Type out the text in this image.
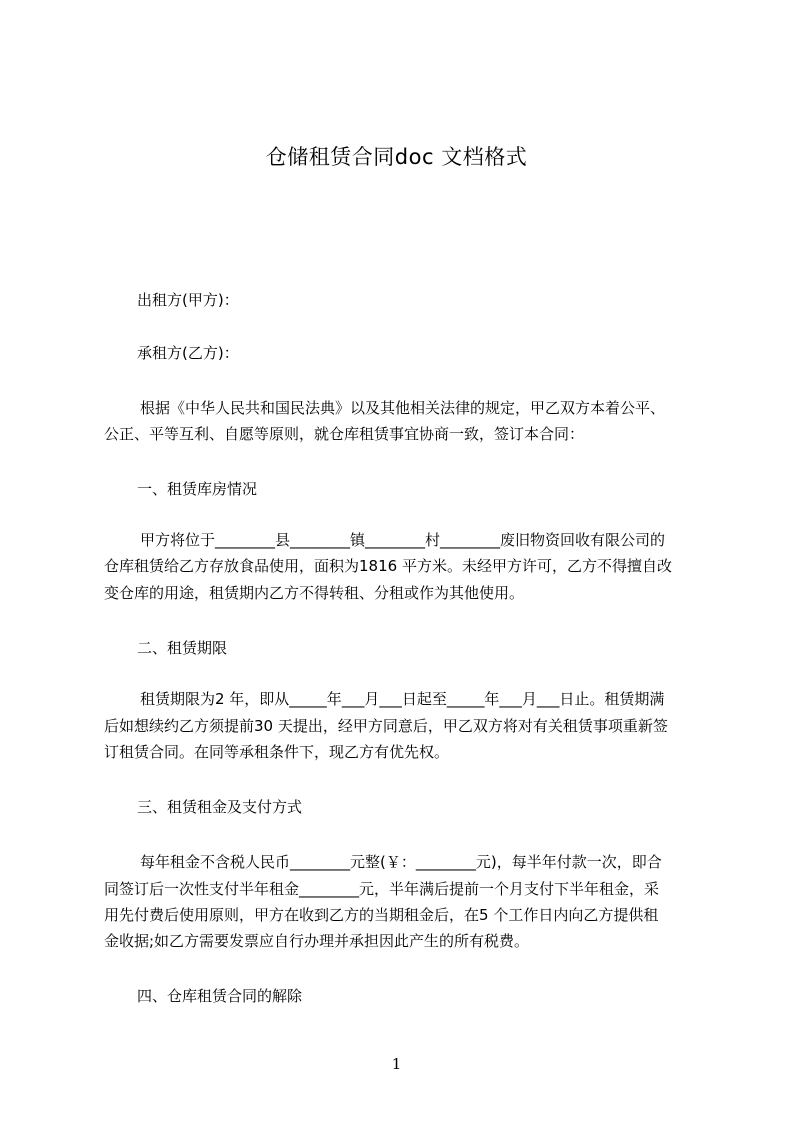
仓储租赁合同doc 文档格式
出租方(甲方)：
承租方(乙方)：
根据《中华人民共和国民法典》以及其他相关法律的规定，甲乙双方本着公平、
公正、平等互利、自愿等原则，就仓库租赁事宜协商一致，签订本合同：
一、租赁库房情况
甲方将位于________县________镇________村________废旧物资回收有限公司的
仓库租赁给乙方存放食品使用，面积为1816 平方米。未经甲方许可，乙方不得擅自改
变仓库的用途，租赁期内乙方不得转租、分租或作为其他使用。
二、租赁期限
租赁期限为2 年，即从_____年___月___日起至_____年___月___日止。租赁期满
后如想续约乙方须提前30 天提出，经甲方同意后，甲乙双方将对有关租赁事项重新签
订租赁合同。在同等承租条件下，现乙方有优先权。
三、租赁租金及支付方式
每年租金不含税人民币________元整(￥：________元)，每半年付款一次，即合
同签订后一次性支付半年租金________元，半年满后提前一个月支付下半年租金，采
用先付费后使用原则，甲方在收到乙方的当期租金后，在5 个工作日内向乙方提供租
金收据;如乙方需要发票应自行办理并承担因此产生的所有税费。
四、仓库租赁合同的解除
1
